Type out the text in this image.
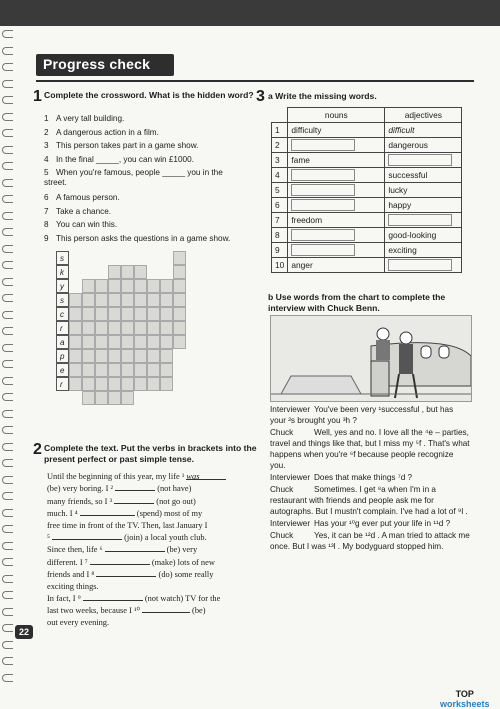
Progress check
1 Complete the crossword. What is the hidden word?
1 A very tall building.
2 A dangerous action in a film.
3 This person takes part in a game show.
4 In the final _____, you can win £1000.
5 When you're famous, people _____ you in the street.
6 A famous person.
7 Take a chance.
8 You can win this.
9 This person asks the questions in a game show.
s
k
y
s
c
r
a
p
e
r
2 Complete the text. Put the verbs in brackets into the present perfect or past simple tense.
Until the beginning of this year, my life ¹ was
(be) very boring. I ²	(not have)
many friends, so I ³	(not go out)
much. I ⁴	(spend) most of my
free time in front of the TV. Then, last January I
⁵	(join) a local youth club.
Since then, life ⁶	(be) very
different. I ⁷	(make) lots of new
friends and I ⁸	(do) some really
exciting things.
In fact, I ⁹	(not watch) TV for the
last two weeks, because I ¹⁰	(be)
out every evening.
3 a Write the missing words.
	nouns	adjectives
1	difficulty	difficult
2		dangerous
3	fame	
4		successful
5		lucky
6		happy
7	freedom	
8		good-looking
9		exciting
10	anger	
b Use words from the chart to complete the interview with Chuck Benn.
Interviewer You've been very ¹successful , but has your ²s brought you ³h ?
Chuck	Well, yes and no. I love all the ⁴e – parties, travel and things like that, but I miss my ⁵f . That's what happens when you're ⁶f because people recognize you.
Interviewer Does that make things ⁷d ?
Chuck	Sometimes. I get ⁸a when I'm in a restaurant with friends and people ask me for autographs. But I mustn't complain. I've had a lot of ⁹l .
Interviewer Has your ¹⁰g ever put your life in ¹¹d ?
Chuck	Yes, it can be ¹²d . A man tried to attack me once. But I was ¹³l . My bodyguard stopped him.
22
TOP
worksheets
